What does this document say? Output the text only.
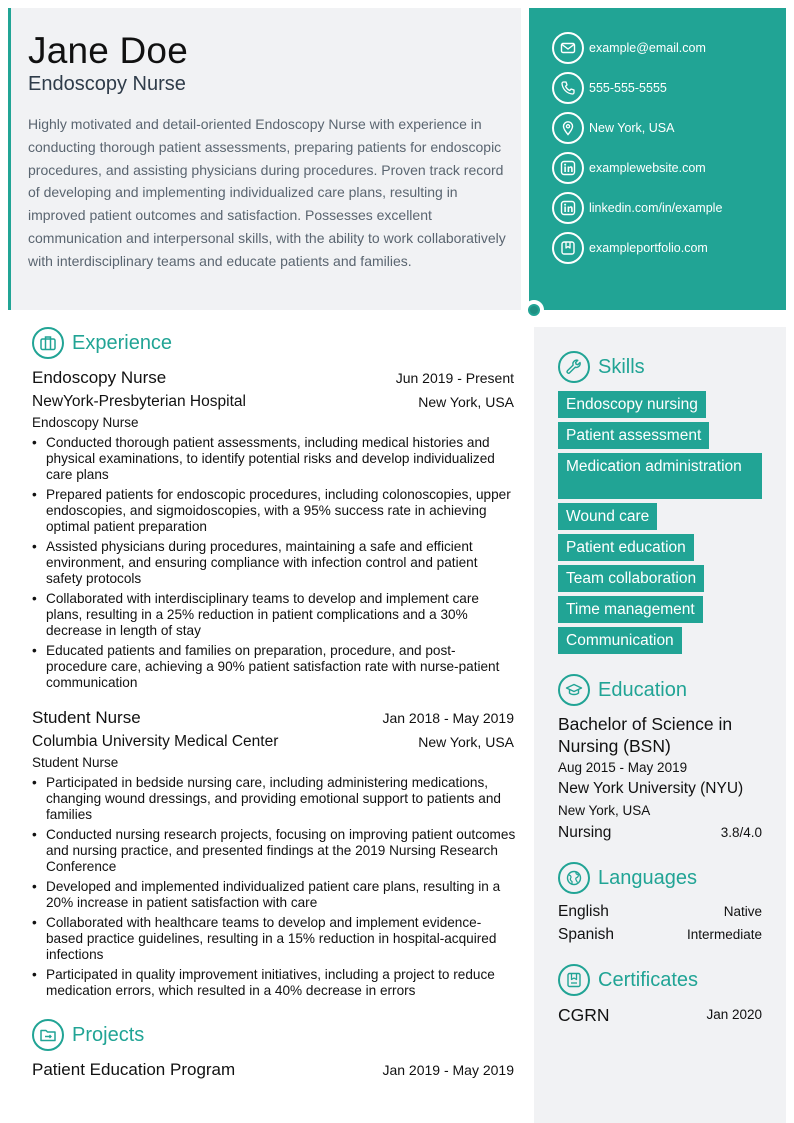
Jane Doe
Endoscopy Nurse
Highly motivated and detail-oriented Endoscopy Nurse with experience in conducting thorough patient assessments, preparing patients for endoscopic procedures, and assisting physicians during procedures. Proven track record of developing and implementing individualized care plans, resulting in improved patient outcomes and satisfaction. Possesses excellent communication and interpersonal skills, with the ability to work collaboratively with interdisciplinary teams and educate patients and families.
example@email.com
555-555-5555
New York, USA
examplewebsite.com
linkedin.com/in/example
exampleportfolio.com
Experience
Endoscopy Nurse	Jun 2019 - Present
NewYork-Presbyterian Hospital	New York, USA
Endoscopy Nurse
• Conducted thorough patient assessments, including medical histories and physical examinations, to identify potential risks and develop individualized care plans
• Prepared patients for endoscopic procedures, including colonoscopies, upper endoscopies, and sigmoidoscopies, with a 95% success rate in achieving optimal patient preparation
• Assisted physicians during procedures, maintaining a safe and efficient environment, and ensuring compliance with infection control and patient safety protocols
• Collaborated with interdisciplinary teams to develop and implement care plans, resulting in a 25% reduction in patient complications and a 30% decrease in length of stay
• Educated patients and families on preparation, procedure, and post-procedure care, achieving a 90% patient satisfaction rate with nurse-patient communication
Student Nurse	Jan 2018 - May 2019
Columbia University Medical Center	New York, USA
Student Nurse
• Participated in bedside nursing care, including administering medications, changing wound dressings, and providing emotional support to patients and families
• Conducted nursing research projects, focusing on improving patient outcomes and nursing practice, and presented findings at the 2019 Nursing Research Conference
• Developed and implemented individualized patient care plans, resulting in a 20% increase in patient satisfaction with care
• Collaborated with healthcare teams to develop and implement evidence-based practice guidelines, resulting in a 15% reduction in hospital-acquired infections
• Participated in quality improvement initiatives, including a project to reduce medication errors, which resulted in a 40% decrease in errors
Projects
Patient Education Program	Jan 2019 - May 2019
Skills
Endoscopy nursing
Patient assessment
Medication administration
Wound care
Patient education
Team collaboration
Time management
Communication
Education
Bachelor of Science in Nursing (BSN)
Aug 2015 - May 2019
New York University (NYU)
New York, USA
Nursing	3.8/4.0
Languages
English	Native
Spanish	Intermediate
Certificates
CGRN	Jan 2020
